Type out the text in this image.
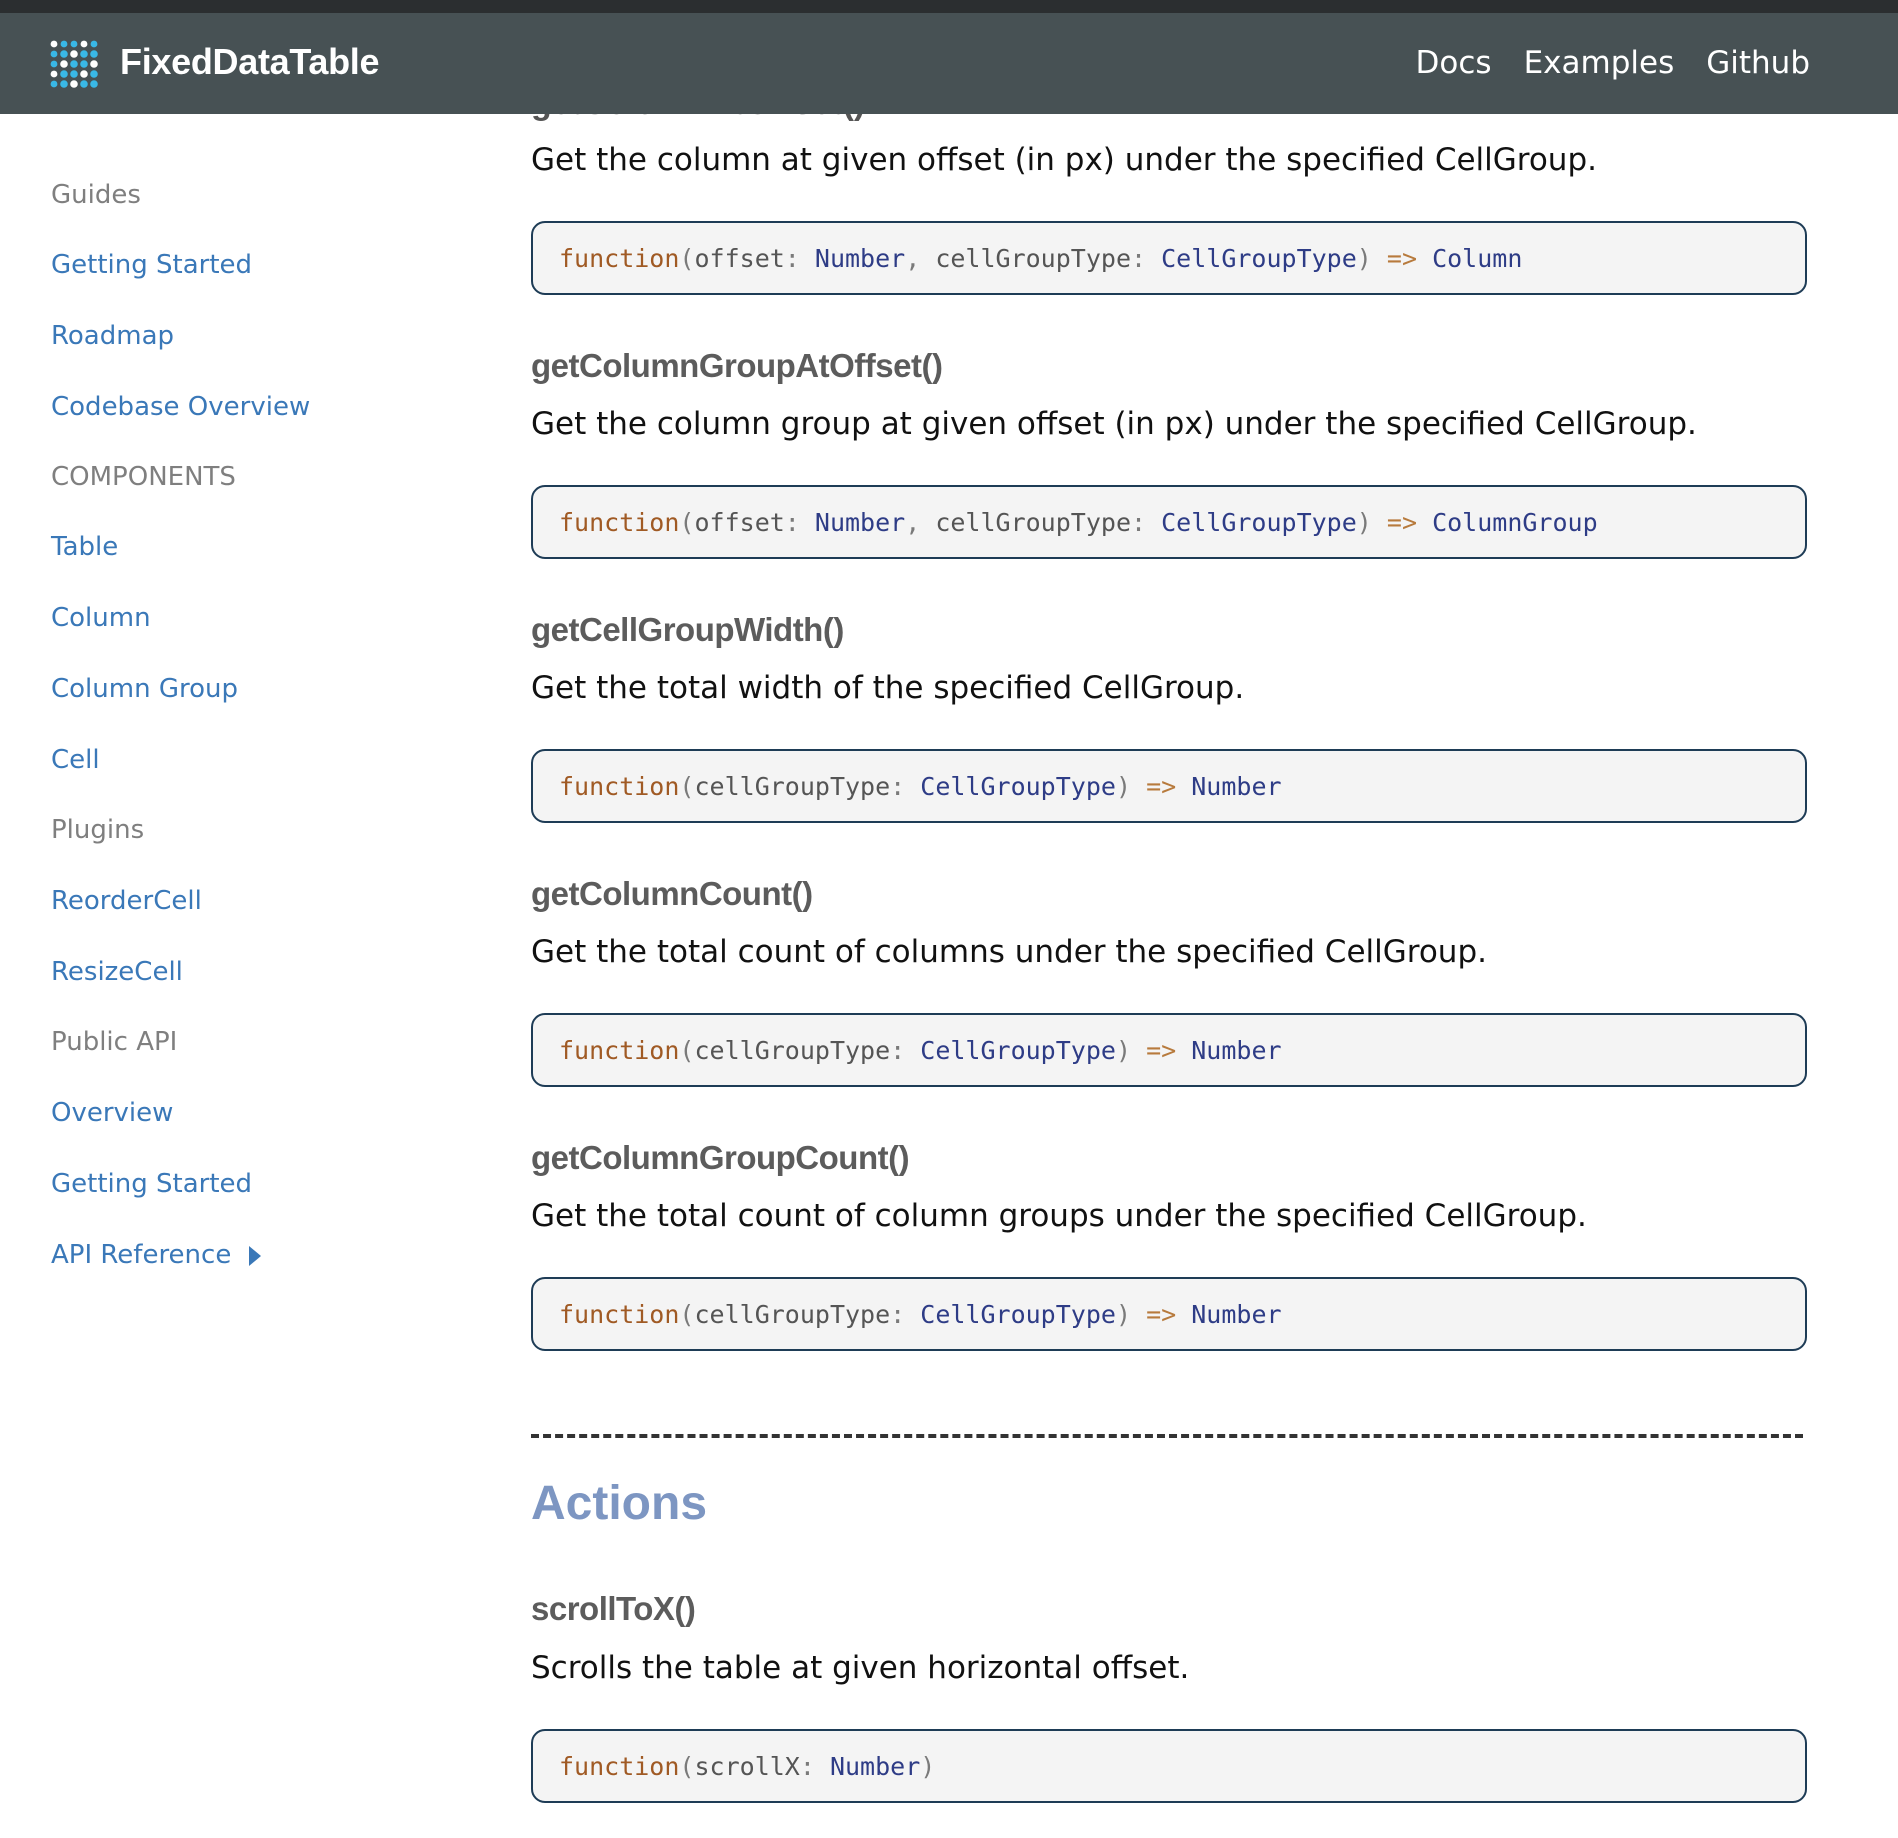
FixedDataTable	Docs Examples Github
Guides
Getting Started
Roadmap
Codebase Overview
COMPONENTS
Table
Column
Column Group
Cell
Plugins
ReorderCell
ResizeCell
Public API
Overview
Getting Started
API Reference
Get the column at given offset (in px) under the specified CellGroup.
function(offset: Number, cellGroupType: CellGroupType) => Column
getColumnGroupAtOffset()
Get the column group at given offset (in px) under the specified CellGroup.
function(offset: Number, cellGroupType: CellGroupType) => ColumnGroup
getCellGroupWidth()
Get the total width of the specified CellGroup.
function(cellGroupType: CellGroupType) => Number
getColumnCount()
Get the total count of columns under the specified CellGroup.
function(cellGroupType: CellGroupType) => Number
getColumnGroupCount()
Get the total count of column groups under the specified CellGroup.
function(cellGroupType: CellGroupType) => Number
Actions
scrollToX()
Scrolls the table at given horizontal offset.
function(scrollX: Number)
